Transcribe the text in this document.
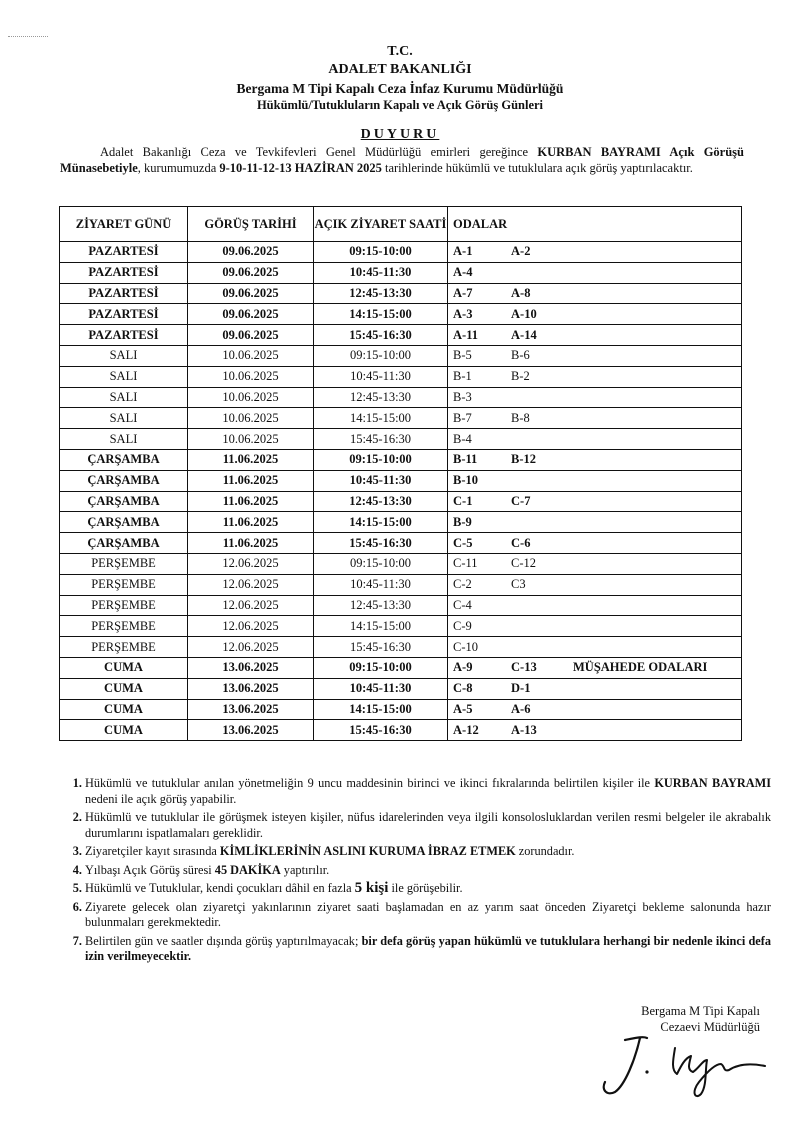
T.C.
ADALET BAKANLIĞI
Bergama M Tipi Kapalı Ceza İnfaz Kurumu Müdürlüğü
Hükümlü/Tutukluların Kapalı ve Açık Görüş Günleri
DUYURU
Adalet Bakanlığı Ceza ve Tevkifevleri Genel Müdürlüğü emirleri gereğince KURBAN BAYRAMI Açık Görüşü Münasebetiyle, kurumumuzda 9-10-11-12-13 HAZİRAN 2025 tarihlerinde hükümlü ve tutuklulara açık görüş yaptırılacaktır.
ZİYARET GÜNÜ	GÖRÜŞ TARİHİ	AÇIK ZİYARET SAATİ	ODALAR
PAZARTESİ	09.06.2025	09:15-10:00	A-1 A-2
PAZARTESİ	09.06.2025	10:45-11:30	A-4
PAZARTESİ	09.06.2025	12:45-13:30	A-7 A-8
PAZARTESİ	09.06.2025	14:15-15:00	A-3 A-10
PAZARTESİ	09.06.2025	15:45-16:30	A-11 A-14
SALI	10.06.2025	09:15-10:00	B-5 B-6
SALI	10.06.2025	10:45-11:30	B-1 B-2
SALI	10.06.2025	12:45-13:30	B-3
SALI	10.06.2025	14:15-15:00	B-7 B-8
SALI	10.06.2025	15:45-16:30	B-4
ÇARŞAMBA	11.06.2025	09:15-10:00	B-11 B-12
ÇARŞAMBA	11.06.2025	10:45-11:30	B-10
ÇARŞAMBA	11.06.2025	12:45-13:30	C-1 C-7
ÇARŞAMBA	11.06.2025	14:15-15:00	B-9
ÇARŞAMBA	11.06.2025	15:45-16:30	C-5 C-6
PERŞEMBE	12.06.2025	09:15-10:00	C-11 C-12
PERŞEMBE	12.06.2025	10:45-11:30	C-2 C3
PERŞEMBE	12.06.2025	12:45-13:30	C-4
PERŞEMBE	12.06.2025	14:15-15:00	C-9
PERŞEMBE	12.06.2025	15:45-16:30	C-10
CUMA	13.06.2025	09:15-10:00	A-9 C-13 MÜŞAHEDE ODALARI
CUMA	13.06.2025	10:45-11:30	C-8 D-1
CUMA	13.06.2025	14:15-15:00	A-5 A-6
CUMA	13.06.2025	15:45-16:30	A-12 A-13
1. Hükümlü ve tutuklular anılan yönetmeliğin 9 uncu maddesinin birinci ve ikinci fıkralarında belirtilen kişiler ile KURBAN BAYRAMI nedeni ile açık görüş yapabilir.
2. Hükümlü ve tutuklular ile görüşmek isteyen kişiler, nüfus idarelerinden veya ilgili konsolosluklardan verilen resmi belgeler ile akrabalık durumlarını ispatlamaları gereklidir.
3. Ziyaretçiler kayıt sırasında KİMLİKLERİNİN ASLINI KURUMA İBRAZ ETMEK zorundadır.
4. Yılbaşı Açık Görüş süresi 45 DAKİKA yaptırılır.
5. Hükümlü ve Tutuklular, kendi çocukları dâhil en fazla 5 kişi ile görüşebilir.
6. Ziyarete gelecek olan ziyaretçi yakınlarının ziyaret saati başlamadan en az yarım saat önceden Ziyaretçi bekleme salonunda hazır bulunmaları gerekmektedir.
7. Belirtilen gün ve saatler dışında görüş yaptırılmayacak; bir defa görüş yapan hükümlü ve tutuklulara herhangi bir nedenle ikinci defa izin verilmeyecektir.
Bergama M Tipi Kapalı
Cezaevi Müdürlüğü
